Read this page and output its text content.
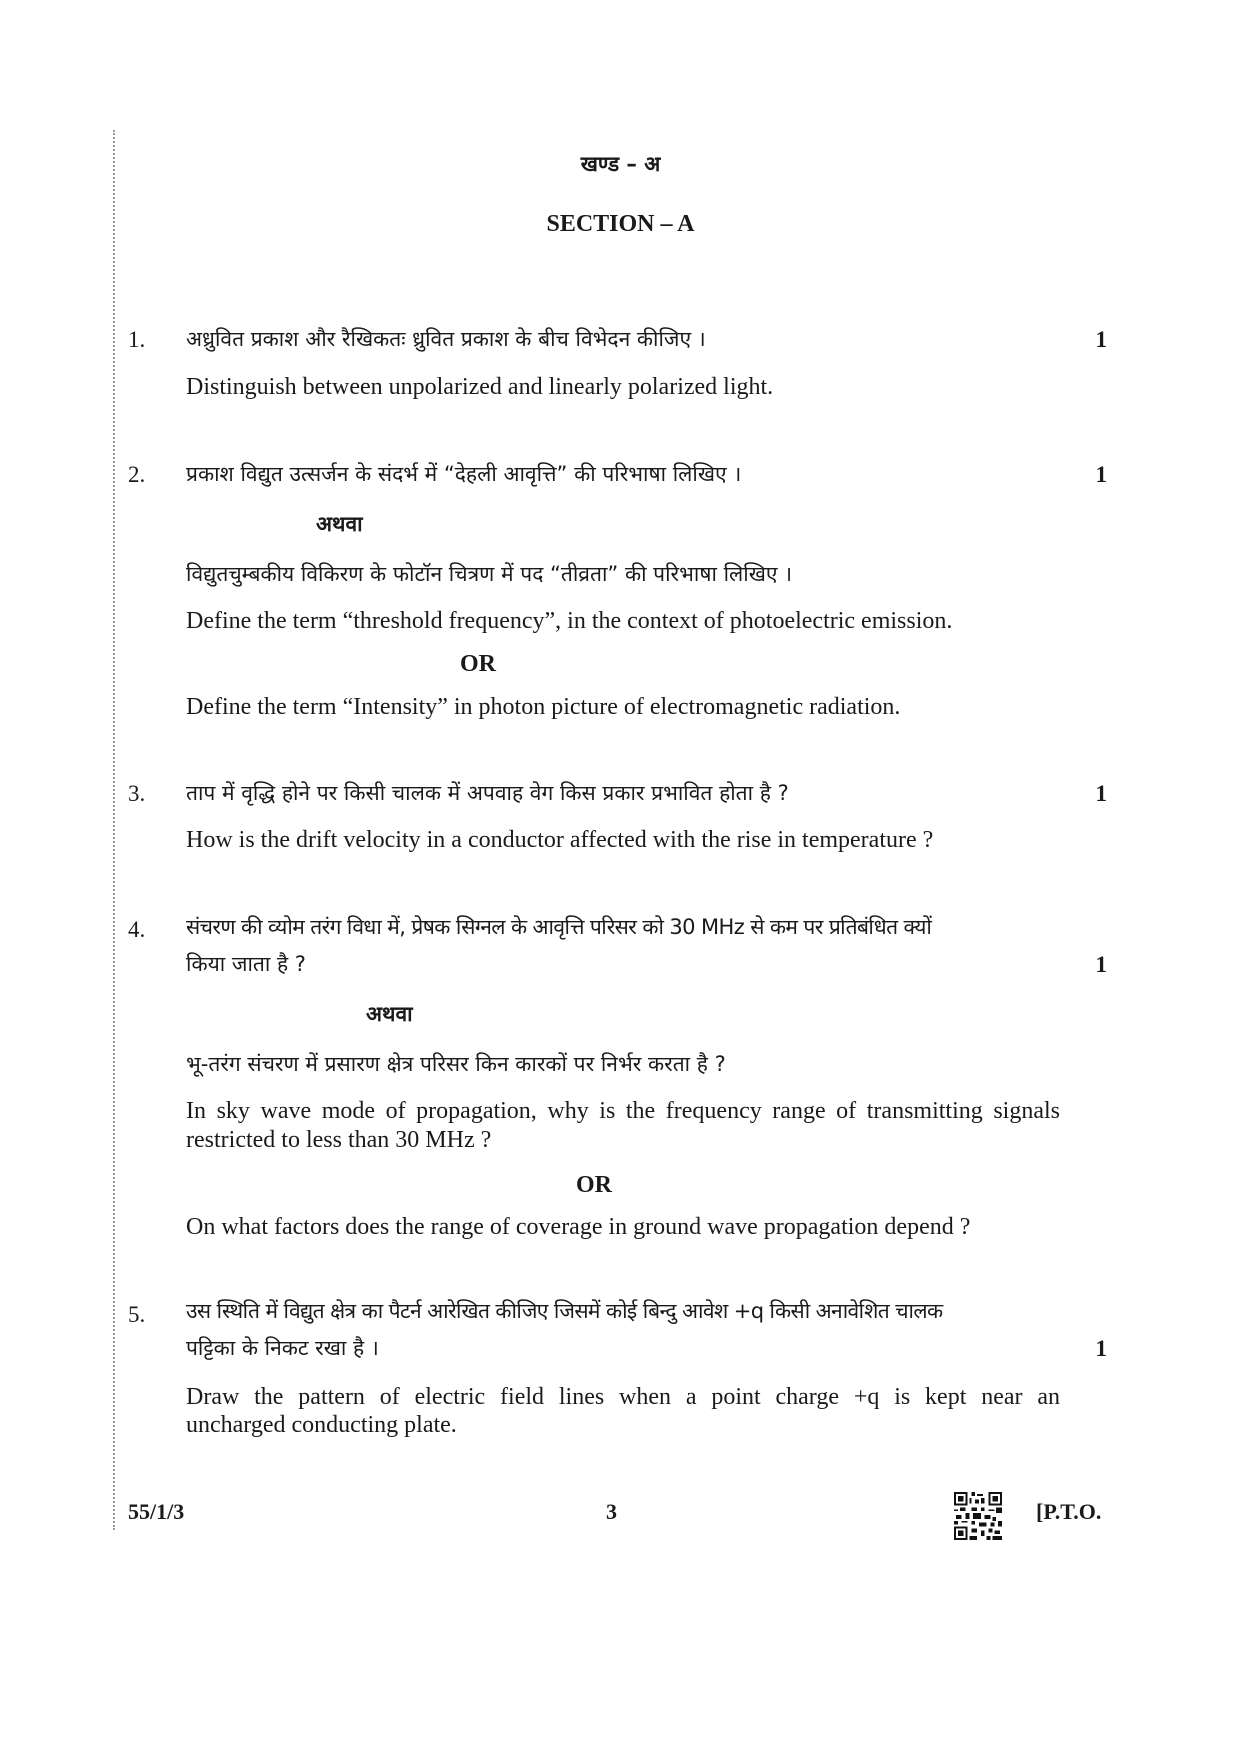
खण्ड – अ
SECTION – A
1. अध्रुवित प्रकाश और रैखिकतः ध्रुवित प्रकाश के बीच विभेदन कीजिए ।	1
Distinguish between unpolarized and linearly polarized light.
2. प्रकाश विद्युत उत्सर्जन के संदर्भ में “देहली आवृत्ति” की परिभाषा लिखिए ।	1
अथवा
विद्युतचुम्बकीय विकिरण के फोटॉन चित्रण में पद “तीव्रता” की परिभाषा लिखिए ।
Define the term “threshold frequency”, in the context of photoelectric emission.
OR
Define the term “Intensity” in photon picture of electromagnetic radiation.
3. ताप में वृद्धि होने पर किसी चालक में अपवाह वेग किस प्रकार प्रभावित होता है ?	1
How is the drift velocity in a conductor affected with the rise in temperature ?
4. संचरण की व्योम तरंग विधा में, प्रेषक सिग्नल के आवृत्ति परिसर को 30 MHz से कम पर प्रतिबंधित क्यों
किया जाता है ?	1
अथवा
भू-तरंग संचरण में प्रसारण क्षेत्र परिसर किन कारकों पर निर्भर करता है ?
In sky wave mode of propagation, why is the frequency range of transmitting signals
restricted to less than 30 MHz ?
OR
On what factors does the range of coverage in ground wave propagation depend ?
5. उस स्थिति में विद्युत क्षेत्र का पैटर्न आरेखित कीजिए जिसमें कोई बिन्दु आवेश +q किसी अनावेशित चालक
पट्टिका के निकट रखा है ।	1
Draw the pattern of electric field lines when a point charge +q is kept near an
uncharged conducting plate.
55/1/3	3	[P.T.O.
